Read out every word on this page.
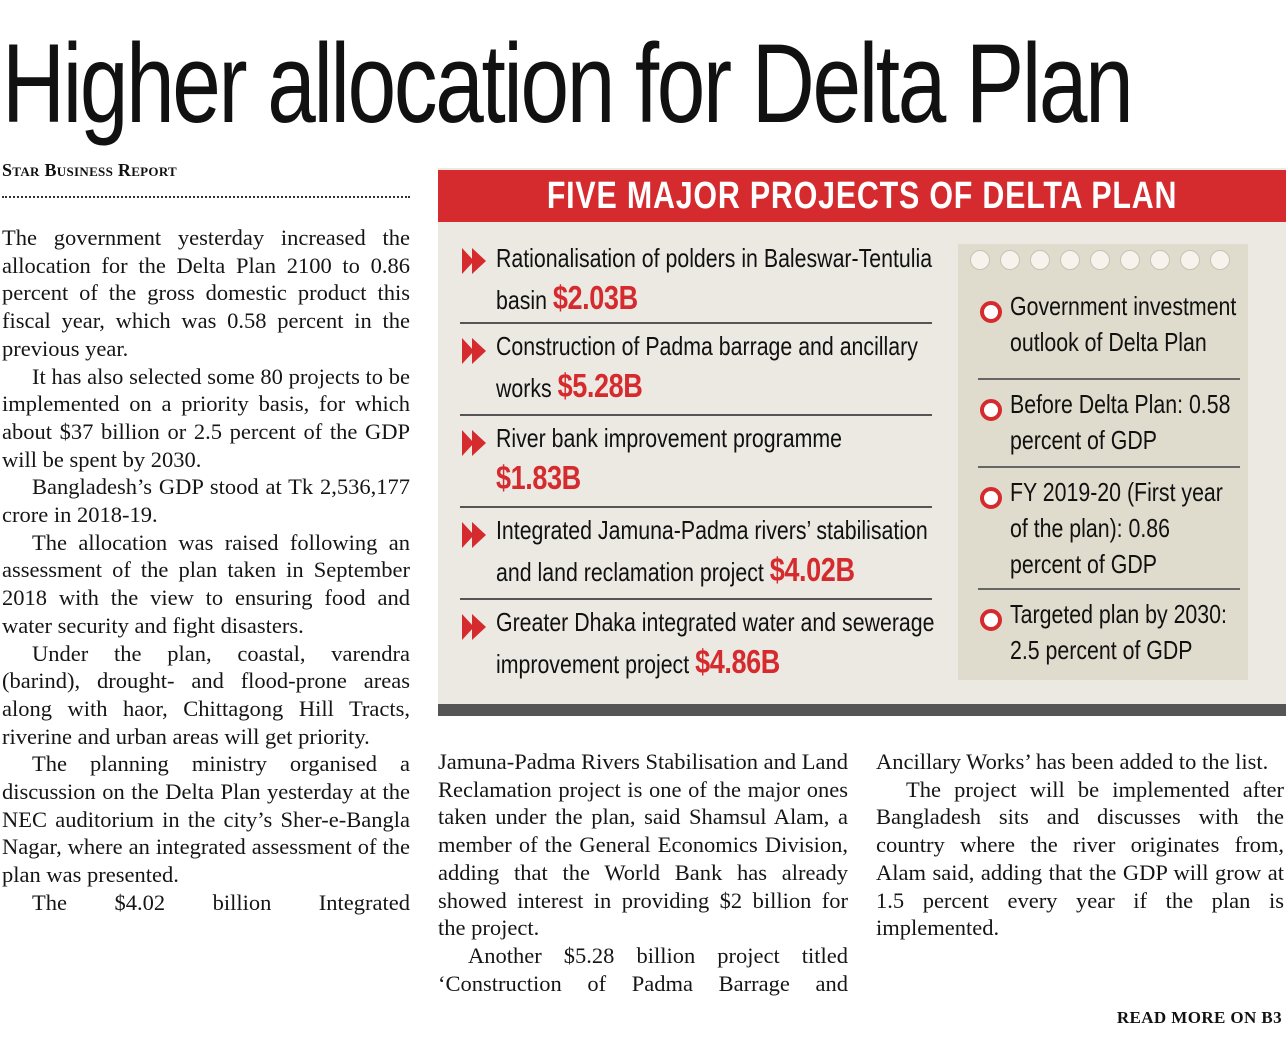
Higher allocation for Delta Plan
Star Business Report

The government yesterday increased the allocation for the Delta Plan 2100 to 0.86 percent of the gross domestic product this fiscal year, which was 0.58 percent in the previous year.

It has also selected some 80 projects to be implemented on a priority basis, for which about $37 billion or 2.5 percent of the GDP will be spent by 2030.

Bangladesh’s GDP stood at Tk 2,536,177 crore in 2018-19.

The allocation was raised following an assessment of the plan taken in September 2018 with the view to ensuring food and water security and fight disasters.

Under the plan, coastal, varendra (barind), drought- and flood-prone areas along with haor, Chittagong Hill Tracts, riverine and urban areas will get priority.

The planning ministry organised a discussion on the Delta Plan yesterday at the NEC auditorium in the city’s Sher-e-Bangla Nagar, where an integrated assessment of the plan was presented.

The $4.02 billion Integrated

FIVE MAJOR PROJECTS OF DELTA PLAN
Rationalisation of polders in Baleswar-Tentulia basin $2.03B
Construction of Padma barrage and ancillary works $5.28B
River bank improvement programme $1.83B
Integrated Jamuna-Padma rivers’ stabilisation and land reclamation project $4.02B
Greater Dhaka integrated water and sewerage improvement project $4.86B
Government investment outlook of Delta Plan
Before Delta Plan: 0.58 percent of GDP
FY 2019-20 (First year of the plan): 0.86 percent of GDP
Targeted plan by 2030: 2.5 percent of GDP

Jamuna-Padma Rivers Stabilisation and Land Reclamation project is one of the major ones taken under the plan, said Shamsul Alam, a member of the General Economics Division, adding that the World Bank has already showed interest in providing $2 billion for the project.

Another $5.28 billion project titled ‘Construction of Padma Barrage and

Ancillary Works’ has been added to the list.

The project will be implemented after Bangladesh sits and discusses with the country where the river originates from, Alam said, adding that the GDP will grow at 1.5 percent every year if the plan is implemented.

READ MORE ON B3
